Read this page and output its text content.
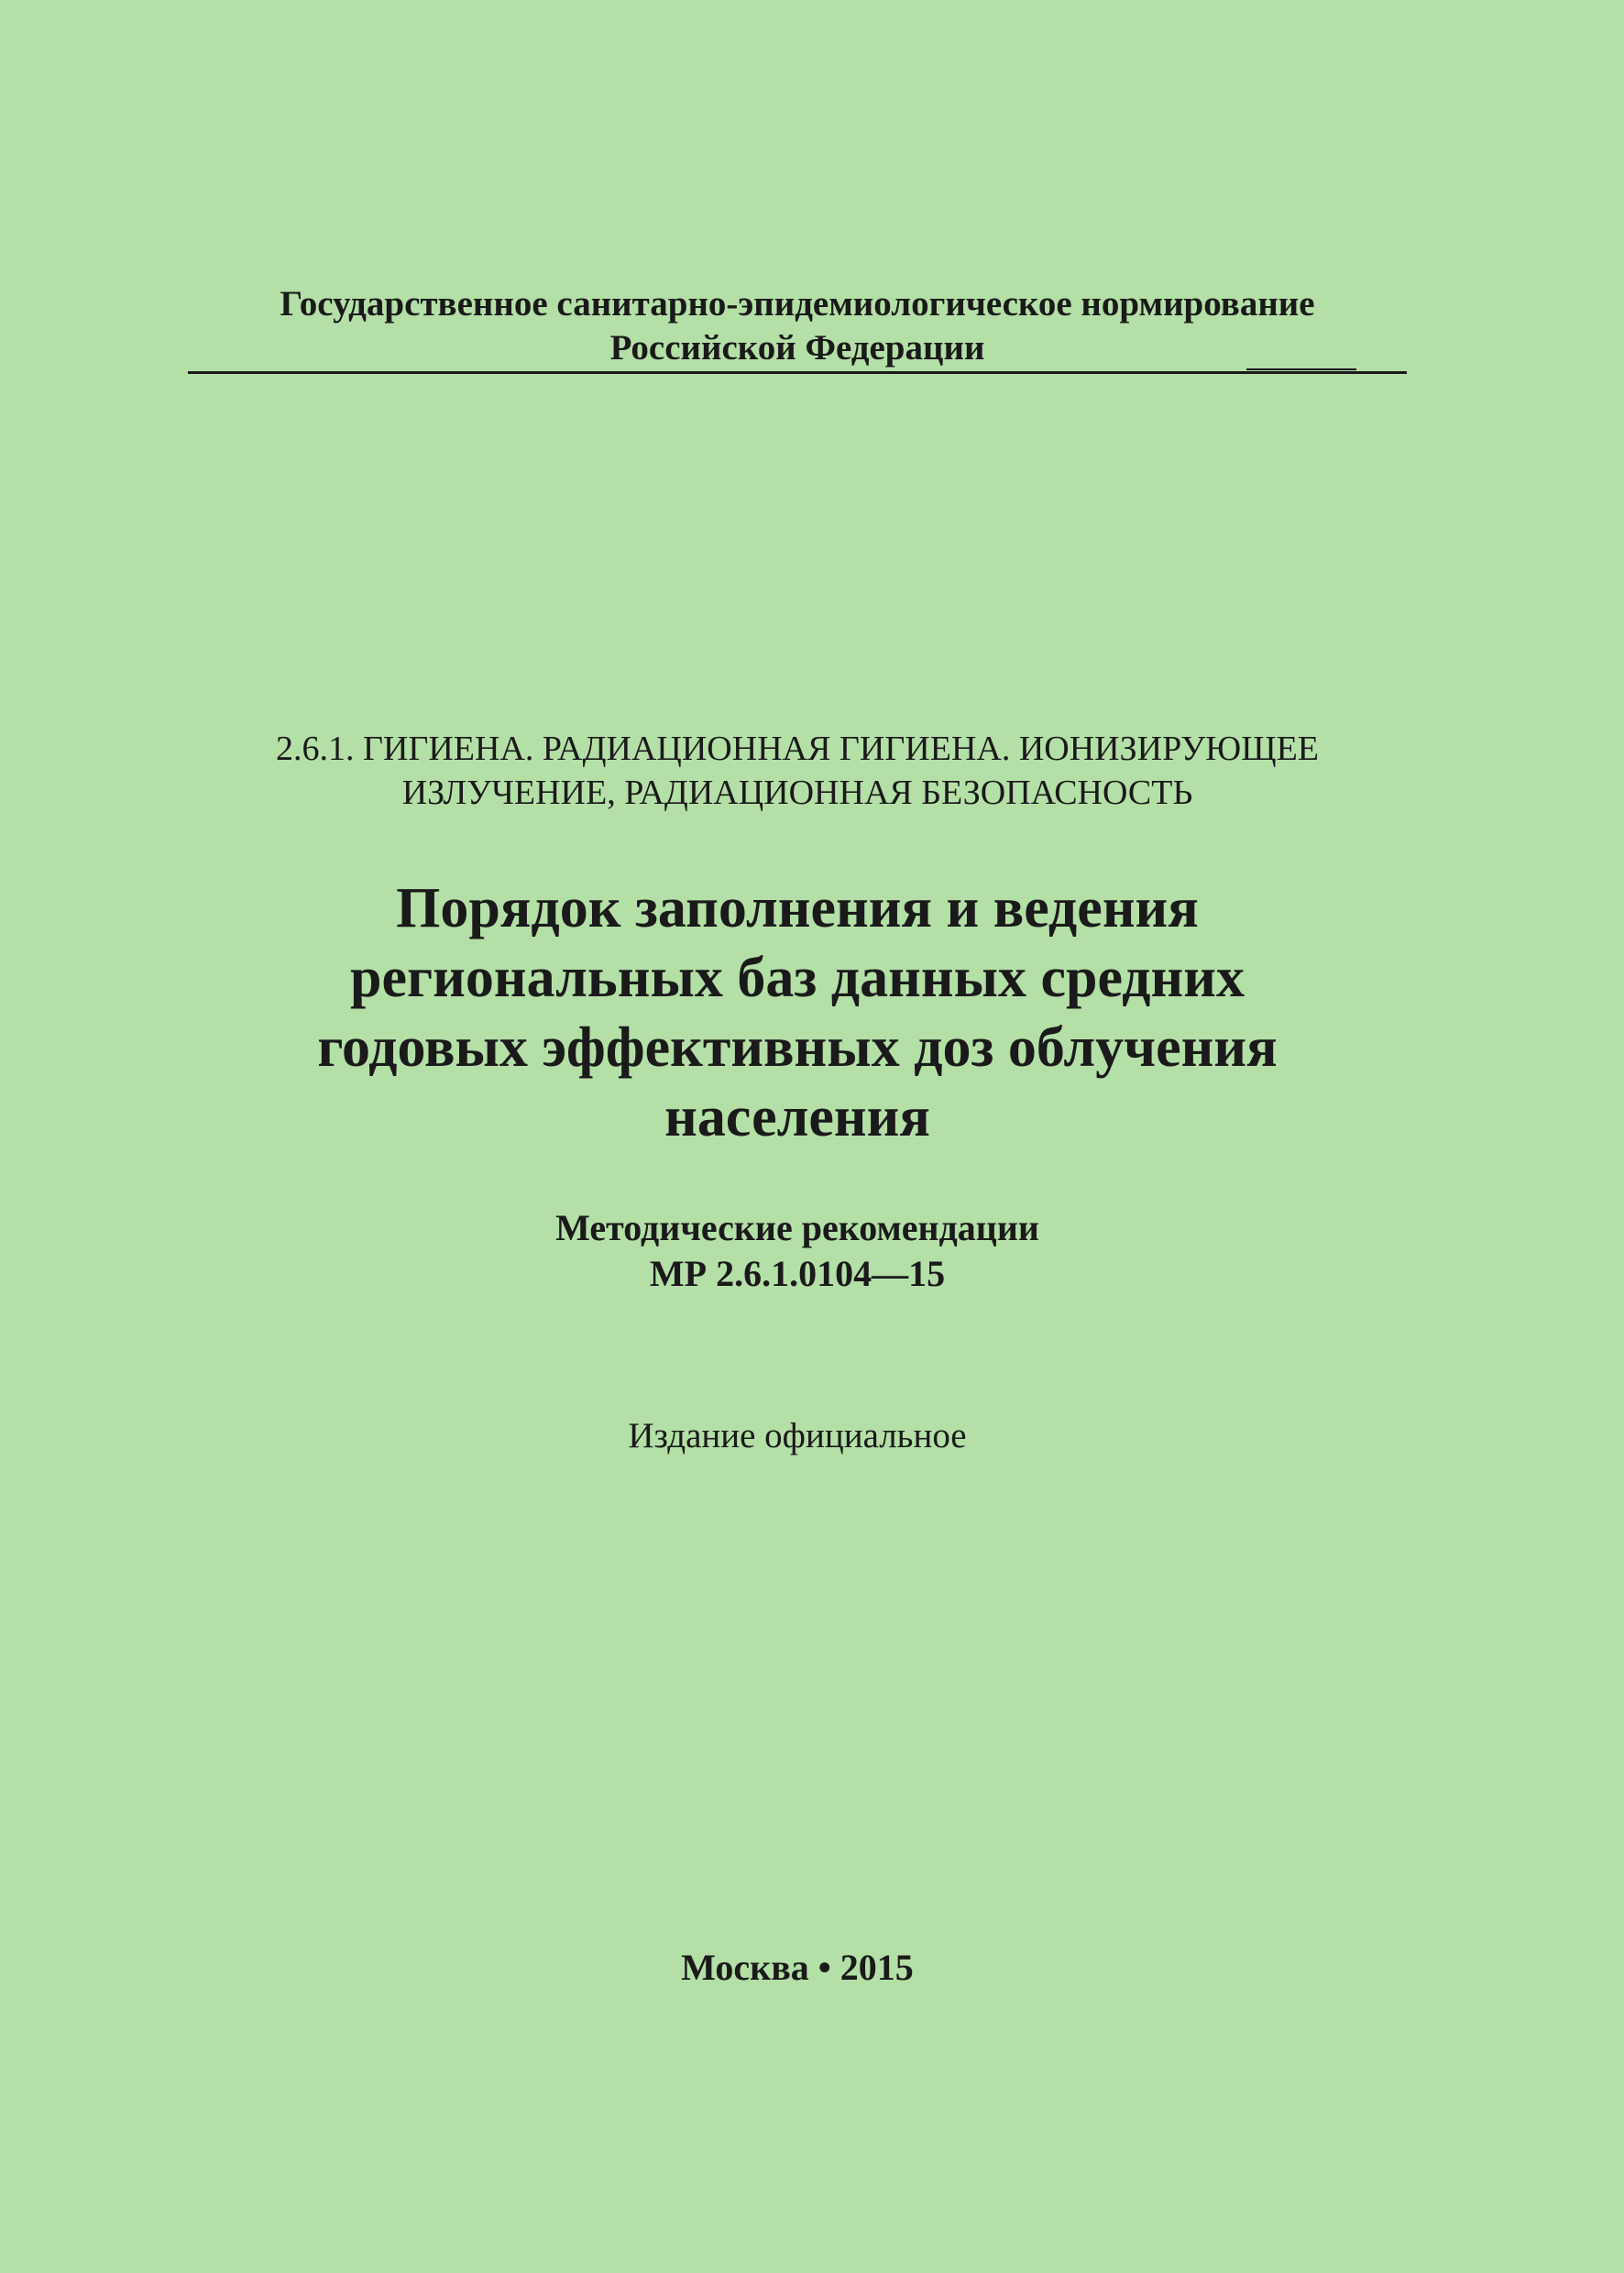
Государственное санитарно-эпидемиологическое нормирование
Российской Федерации
2.6.1. ГИГИЕНА. РАДИАЦИОННАЯ ГИГИЕНА. ИОНИЗИРУЮЩЕЕ
ИЗЛУЧЕНИЕ, РАДИАЦИОННАЯ БЕЗОПАСНОСТЬ
Порядок заполнения и ведения
региональных баз данных средних
годовых эффективных доз облучения
населения
Методические рекомендации
МР 2.6.1.0104—15
Издание официальное
Москва • 2015
